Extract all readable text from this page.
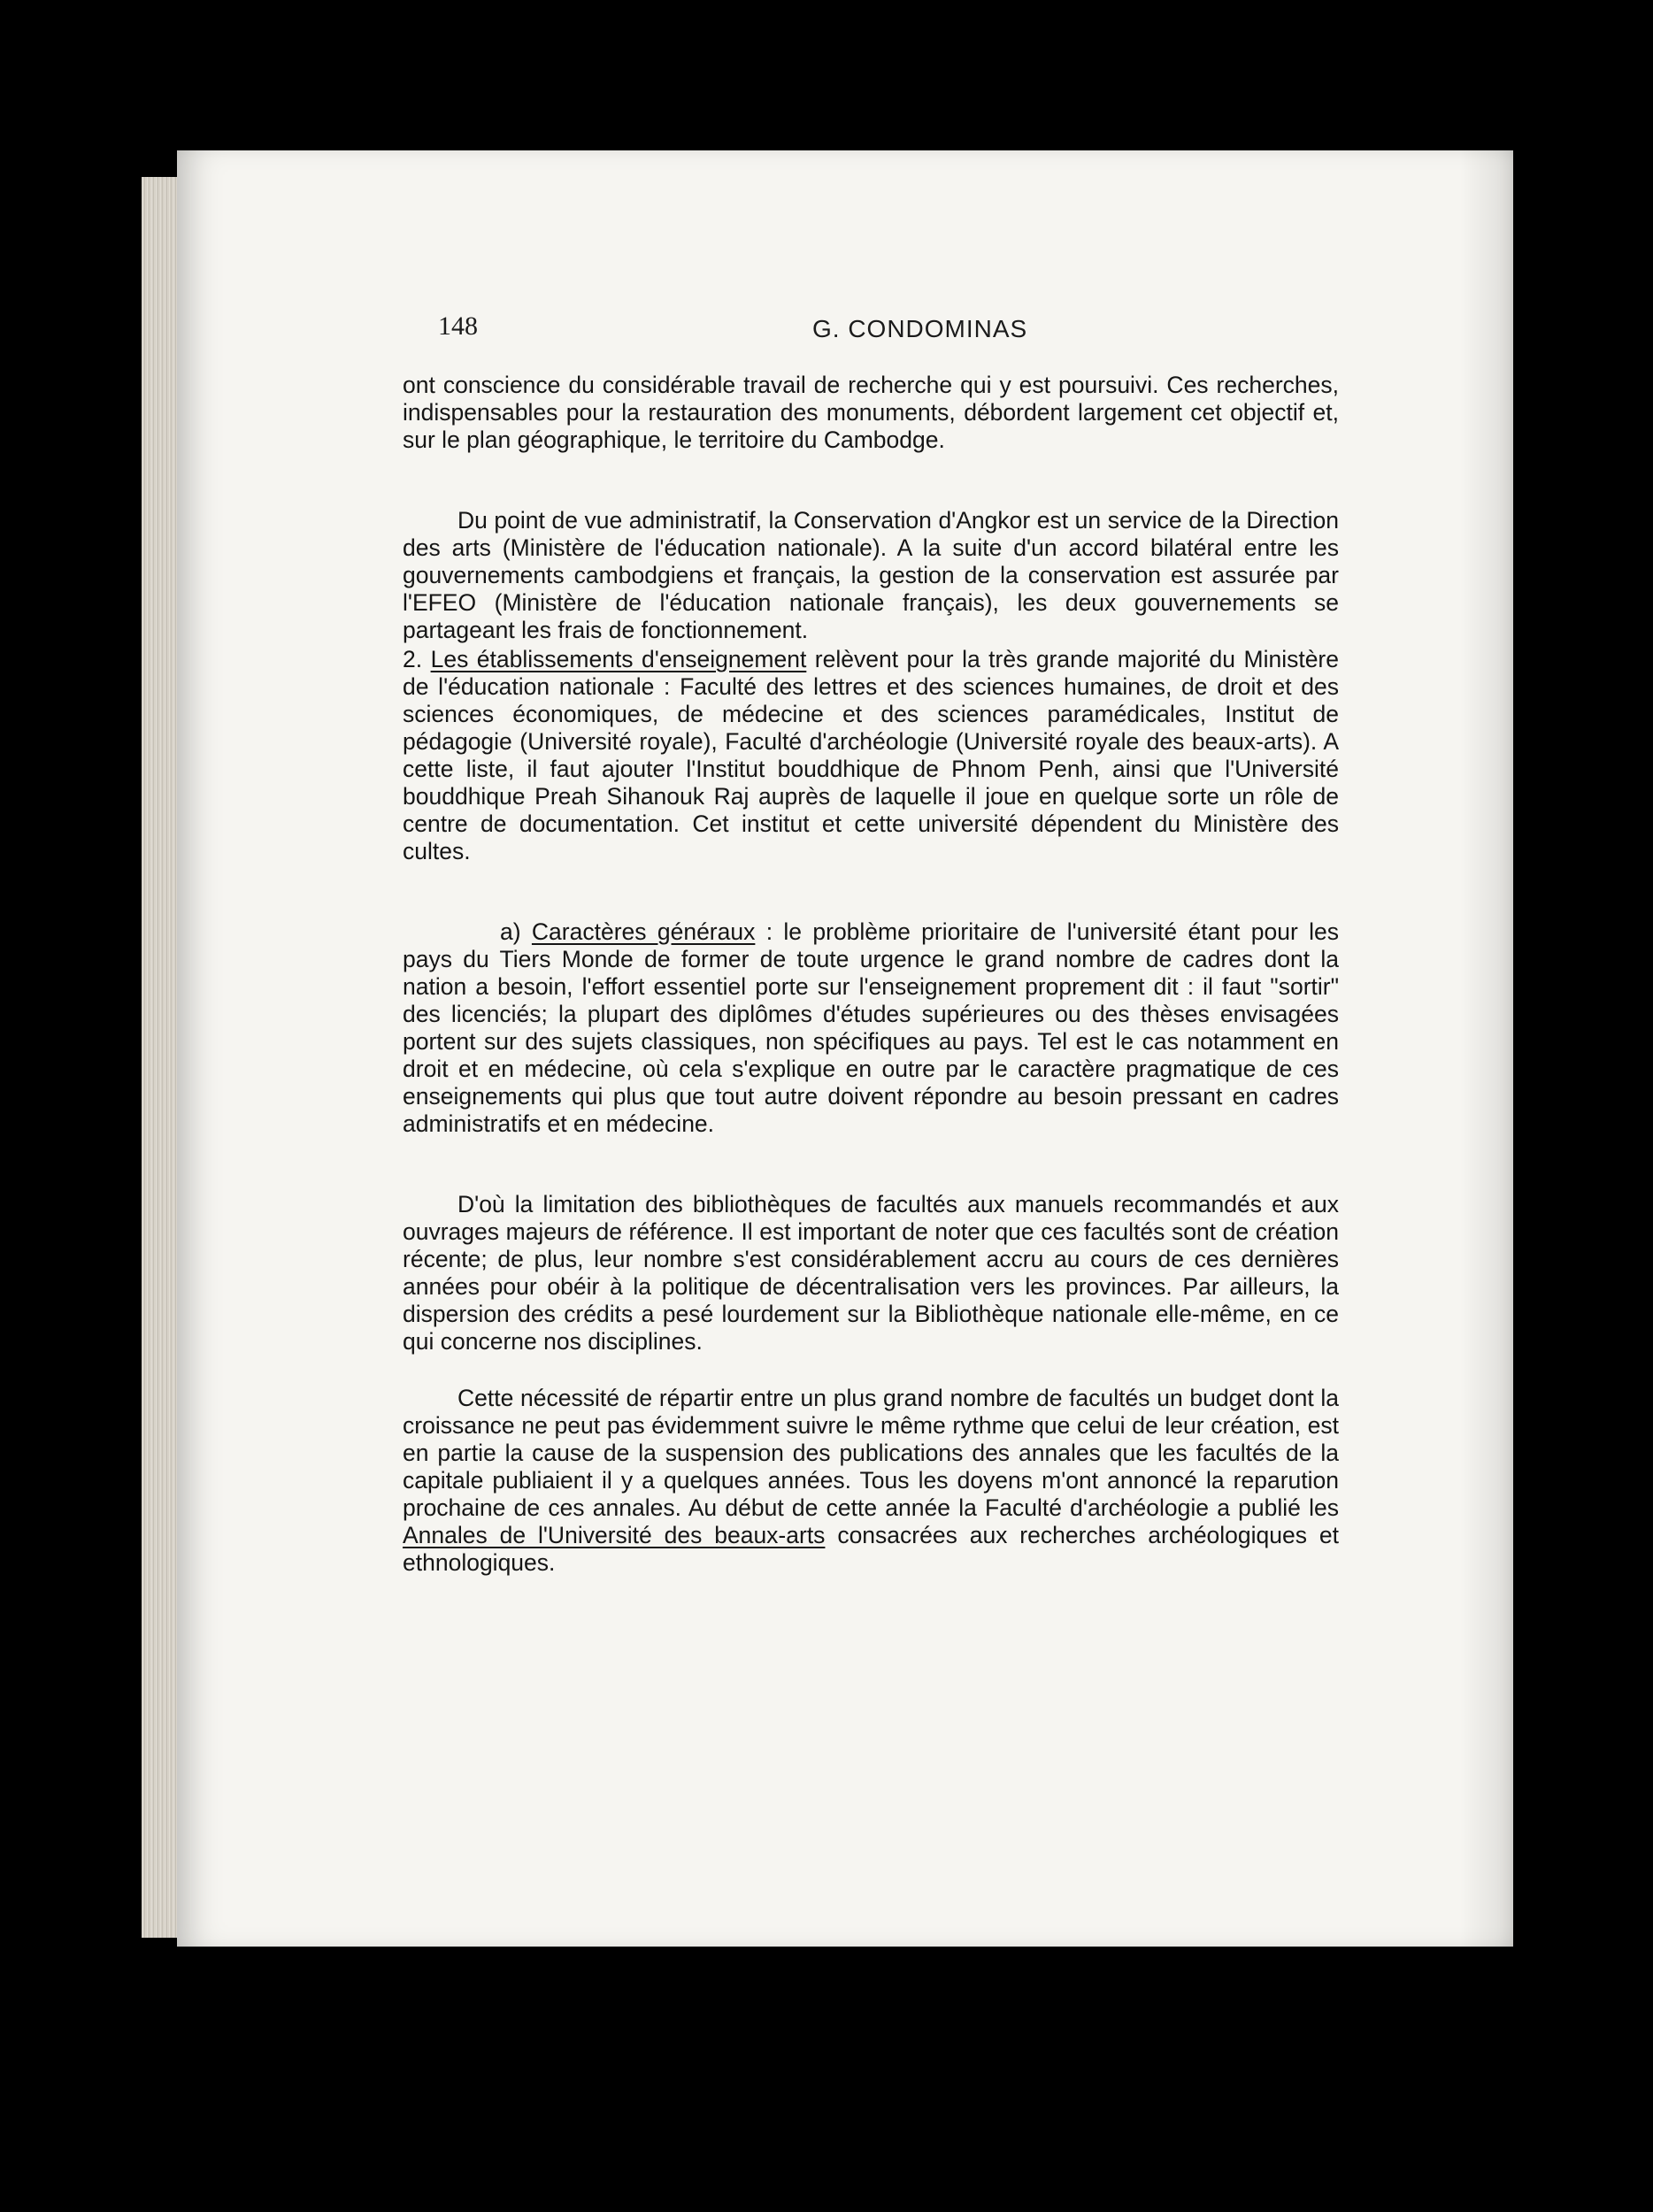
148	G. CONDOMINAS

ont conscience du considérable travail de recherche qui y est poursuivi. Ces recherches, indispensables pour la restauration des monuments, débordent largement cet objectif et, sur le plan géographique, le territoire du Cambodge.

Du point de vue administratif, la Conservation d'Angkor est un service de la Direction des arts (Ministère de l'éducation nationale). A la suite d'un accord bilatéral entre les gouvernements cambodgiens et français, la gestion de la conservation est assurée par l'EFEO (Ministère de l'éducation nationale français), les deux gouvernements se partageant les frais de fonctionnement.

2. Les établissements d'enseignement relèvent pour la très grande majorité du Ministère de l'éducation nationale : Faculté des lettres et des sciences humaines, de droit et des sciences économiques, de médecine et des sciences paramédicales, Institut de pédagogie (Université royale), Faculté d'archéologie (Université royale des beaux-arts). A cette liste, il faut ajouter l'Institut bouddhique de Phnom Penh, ainsi que l'Université bouddhique Preah Sihanouk Raj auprès de laquelle il joue en quelque sorte un rôle de centre de documentation. Cet institut et cette université dépendent du Ministère des cultes.

a) Caractères généraux : le problème prioritaire de l'université étant pour les pays du Tiers Monde de former de toute urgence le grand nombre de cadres dont la nation a besoin, l'effort essentiel porte sur l'enseignement proprement dit : il faut "sortir" des licenciés; la plupart des diplômes d'études supérieures ou des thèses envisagées portent sur des sujets classiques, non spécifiques au pays. Tel est le cas notamment en droit et en médecine, où cela s'explique en outre par le caractère pragmatique de ces enseignements qui plus que tout autre doivent répondre au besoin pressant en cadres administratifs et en médecine.

D'où la limitation des bibliothèques de facultés aux manuels recommandés et aux ouvrages majeurs de référence. Il est important de noter que ces facultés sont de création récente; de plus, leur nombre s'est considérablement accru au cours de ces dernières années pour obéir à la politique de décentralisation vers les provinces. Par ailleurs, la dispersion des crédits a pesé lourdement sur la Bibliothèque nationale elle-même, en ce qui concerne nos disciplines.

Cette nécessité de répartir entre un plus grand nombre de facultés un budget dont la croissance ne peut pas évidemment suivre le même rythme que celui de leur création, est en partie la cause de la suspension des publications des annales que les facultés de la capitale publiaient il y a quelques années. Tous les doyens m'ont annoncé la reparution prochaine de ces annales. Au début de cette année la Faculté d'archéologie a publié les Annales de l'Université des beaux-arts consacrées aux recherches archéologiques et ethnologiques.
